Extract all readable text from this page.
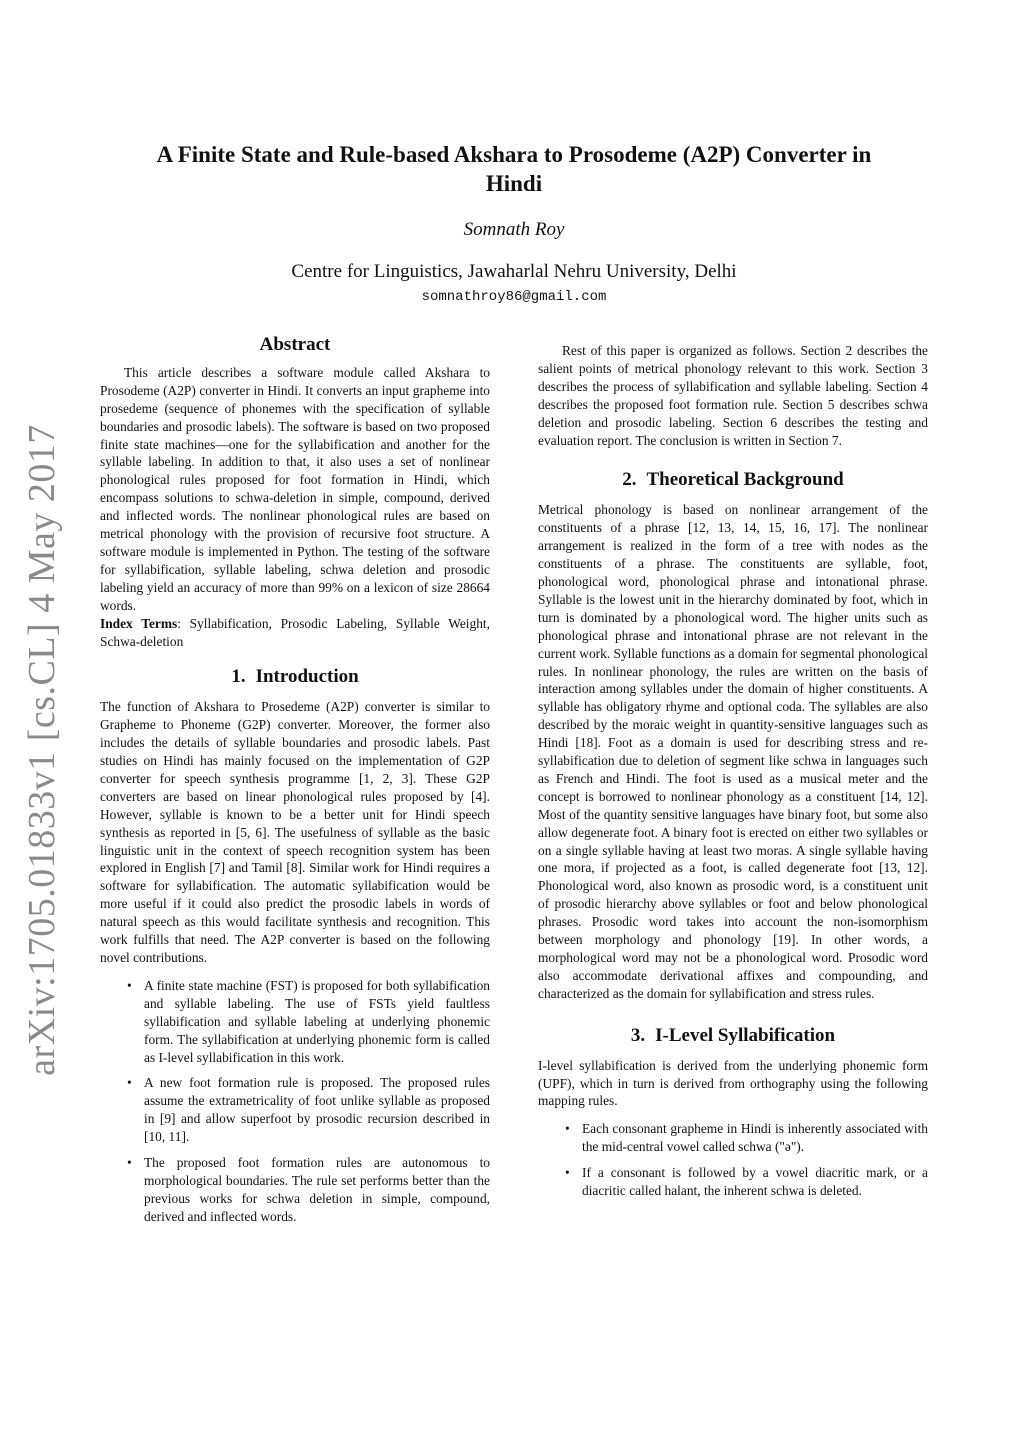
arXiv:1705.01833v1 [cs.CL] 4 May 2017
A Finite State and Rule-based Akshara to Prosodeme (A2P) Converter in
Hindi
Somnath Roy
Centre for Linguistics, Jawaharlal Nehru University, Delhi
somnathroy86@gmail.com
Abstract

This article describes a software module called Akshara to Prosodeme (A2P) converter in Hindi. It converts an input grapheme into prosedeme (sequence of phonemes with the specification of syllable boundaries and prosodic labels). The software is based on two proposed finite state machines—one for the syllabification and another for the syllable labeling. In addition to that, it also uses a set of nonlinear phonological rules proposed for foot formation in Hindi, which encompass solutions to schwa-deletion in simple, compound, derived and inflected words. The nonlinear phonological rules are based on metrical phonology with the provision of recursive foot structure. A software module is implemented in Python. The testing of the software for syllabification, syllable labeling, schwa deletion and prosodic labeling yield an accuracy of more than 99% on a lexicon of size 28664 words.

Index Terms: Syllabification, Prosodic Labeling, Syllable Weight, Schwa-deletion

1. Introduction

The function of Akshara to Prosedeme (A2P) converter is similar to Grapheme to Phoneme (G2P) converter. Moreover, the former also includes the details of syllable boundaries and prosodic labels. Past studies on Hindi has mainly focused on the implementation of G2P converter for speech synthesis programme [1, 2, 3]. These G2P converters are based on linear phonological rules proposed by [4]. However, syllable is known to be a better unit for Hindi speech synthesis as reported in [5, 6]. The usefulness of syllable as the basic linguistic unit in the context of speech recognition system has been explored in English [7] and Tamil [8]. Similar work for Hindi requires a software for syllabification. The automatic syllabification would be more useful if it could also predict the prosodic labels in words of natural speech as this would facilitate synthesis and recognition. This work fulfills that need. The A2P converter is based on the following novel contributions.

• A finite state machine (FST) is proposed for both syllabification and syllable labeling. The use of FSTs yield faultless syllabification and syllable labeling at underlying phonemic form. The syllabification at underlying phonemic form is called as I-level syllabification in this work.
• A new foot formation rule is proposed. The proposed rules assume the extrametricality of foot unlike syllable as proposed in [9] and allow superfoot by prosodic recursion described in [10, 11].
• The proposed foot formation rules are autonomous to morphological boundaries. The rule set performs better than the previous works for schwa deletion in simple, compound, derived and inflected words.

Rest of this paper is organized as follows. Section 2 describes the salient points of metrical phonology relevant to this work. Section 3 describes the process of syllabification and syllable labeling. Section 4 describes the proposed foot formation rule. Section 5 describes schwa deletion and prosodic labeling. Section 6 describes the testing and evaluation report. The conclusion is written in Section 7.

2. Theoretical Background

Metrical phonology is based on nonlinear arrangement of the constituents of a phrase [12, 13, 14, 15, 16, 17]. The nonlinear arrangement is realized in the form of a tree with nodes as the constituents of a phrase. The constituents are syllable, foot, phonological word, phonological phrase and intonational phrase. Syllable is the lowest unit in the hierarchy dominated by foot, which in turn is dominated by a phonological word. The higher units such as phonological phrase and intonational phrase are not relevant in the current work. Syllable functions as a domain for segmental phonological rules. In nonlinear phonology, the rules are written on the basis of interaction among syllables under the domain of higher constituents. A syllable has obligatory rhyme and optional coda. The syllables are also described by the moraic weight in quantity-sensitive languages such as Hindi [18]. Foot as a domain is used for describing stress and re-syllabification due to deletion of segment like schwa in languages such as French and Hindi. The foot is used as a musical meter and the concept is borrowed to nonlinear phonology as a constituent [14, 12]. Most of the quantity sensitive languages have binary foot, but some also allow degenerate foot. A binary foot is erected on either two syllables or on a single syllable having at least two moras. A single syllable having one mora, if projected as a foot, is called degenerate foot [13, 12]. Phonological word, also known as prosodic word, is a constituent unit of prosodic hierarchy above syllables or foot and below phonological phrases. Prosodic word takes into account the non-isomorphism between morphology and phonology [19]. In other words, a morphological word may not be a phonological word. Prosodic word also accommodate derivational affixes and compounding, and characterized as the domain for syllabification and stress rules.

3. I-Level Syllabification

I-level syllabification is derived from the underlying phonemic form (UPF), which in turn is derived from orthography using the following mapping rules.

• Each consonant grapheme in Hindi is inherently associated with the mid-central vowel called schwa ("ə").
• If a consonant is followed by a vowel diacritic mark, or a diacritic called halant, the inherent schwa is deleted.
